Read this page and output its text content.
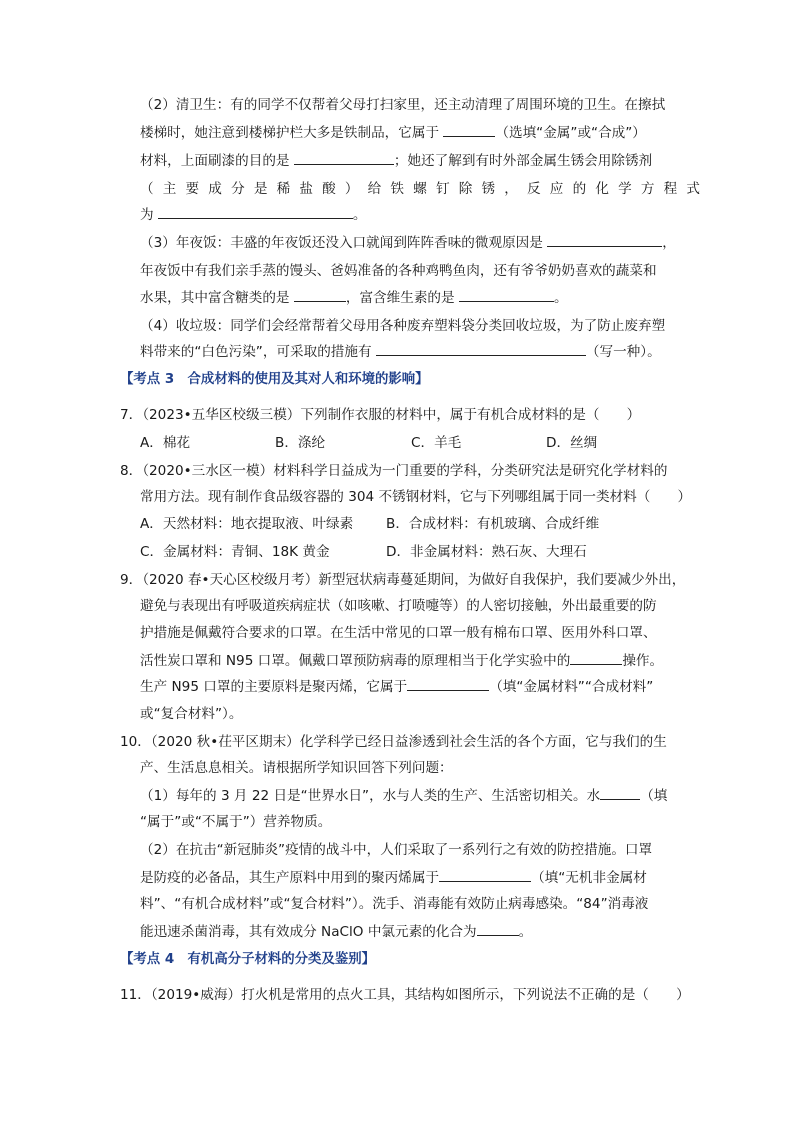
（2）清卫生：有的同学不仅帮着父母打扫家里，还主动清理了周围环境的卫生。在擦拭
楼梯时，她注意到楼梯护栏大多是铁制品，它属于	（选填“金属”或“合成”）
材料，上面刷漆的目的是	；她还了解到有时外部金属生锈会用除锈剂
（主要成分是稀盐酸）给铁螺钉除锈，反应的化学方程式
为	。
（3）年夜饭：丰盛的年夜饭还没入口就闻到阵阵香味的微观原因是	，
年夜饭中有我们亲手蒸的馒头、爸妈准备的各种鸡鸭鱼肉，还有爷爷奶奶喜欢的蔬菜和
水果，其中富含糖类的是	，富含维生素的是	。
（4）收垃圾：同学们会经常帮着父母用各种废弃塑料袋分类回收垃圾，为了防止废弃塑
料带来的“白色污染”，可采取的措施有	（写一种）。
【考点 3　合成材料的使用及其对人和环境的影响】
7．（2023•五华区校级三模）下列制作衣服的材料中，属于有机合成材料的是（　　）
A．棉花	B．涤纶	C．羊毛	D．丝绸
8．（2020•三水区一模）材料科学日益成为一门重要的学科，分类研究法是研究化学材料的
常用方法。现有制作食品级容器的 304 不锈钢材料，它与下列哪组属于同一类材料（　　）
A．天然材料：地衣提取液、叶绿素 B．合成材料：有机玻璃、合成纤维
C．金属材料：青铜、18K 黄金	D．非金属材料：熟石灰、大理石
9．（2020 春•天心区校级月考）新型冠状病毒蔓延期间，为做好自我保护，我们要减少外出，
避免与表现出有呼吸道疾病症状（如咳嗽、打喷嚏等）的人密切接触，外出最重要的防
护措施是佩戴符合要求的口罩。在生活中常见的口罩一般有棉布口罩、医用外科口罩、
活性炭口罩和 N95 口罩。佩戴口罩预防病毒的原理相当于化学实验中的	操作。
生产 N95 口罩的主要原料是聚丙烯，它属于	（填“金属材料”“合成材料”
或“复合材料”）。
10．（2020 秋•茌平区期末）化学科学已经日益渗透到社会生活的各个方面，它与我们的生
产、生活息息相关。请根据所学知识回答下列问题：
（1）每年的 3 月 22 日是“世界水日”，水与人类的生产、生活密切相关。水	（填
“属于”或“不属于”）营养物质。
（2）在抗击“新冠肺炎”疫情的战斗中，人们采取了一系列行之有效的防控措施。口罩
是防疫的必备品，其生产原料中用到的聚丙烯属于	（填“无机非金属材
料”、“有机合成材料”或“复合材料”）。洗手、消毒能有效防止病毒感染。“84”消毒液
能迅速杀菌消毒，其有效成分 NaClO 中氯元素的化合为	。
【考点 4　有机高分子材料的分类及鉴别】
11．（2019•威海）打火机是常用的点火工具，其结构如图所示，下列说法不正确的是（　　）
